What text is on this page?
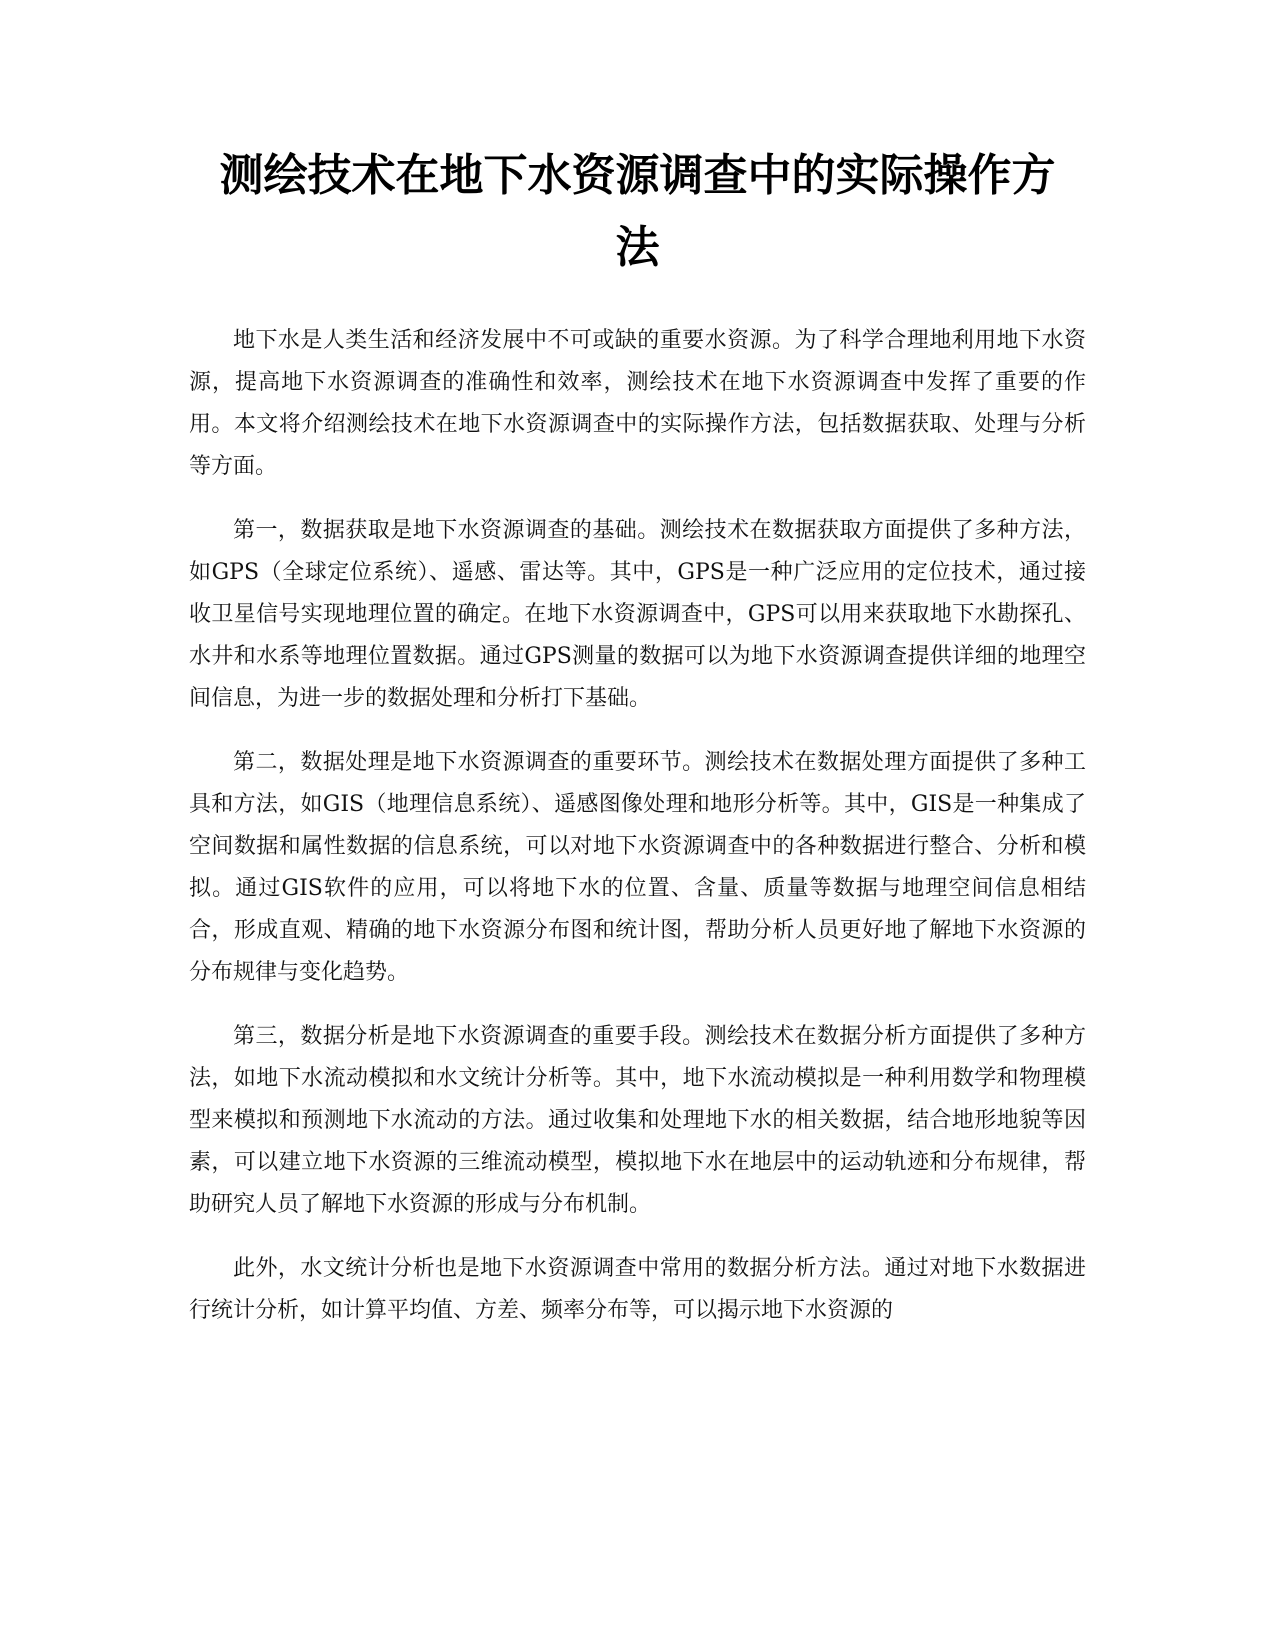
测绘技术在地下水资源调查中的实际操作方
法

地下水是人类生活和经济发展中不可或缺的重要水资源。为了科学合理地利用地下水资源，提高地下水资源调查的准确性和效率，测绘技术在地下水资源调查中发挥了重要的作用。本文将介绍测绘技术在地下水资源调查中的实际操作方法，包括数据获取、处理与分析等方面。

第一，数据获取是地下水资源调查的基础。测绘技术在数据获取方面提供了多种方法，如GPS（全球定位系统）、遥感、雷达等。其中，GPS是一种广泛应用的定位技术，通过接收卫星信号实现地理位置的确定。在地下水资源调查中，GPS可以用来获取地下水勘探孔、水井和水系等地理位置数据。通过GPS测量的数据可以为地下水资源调查提供详细的地理空间信息，为进一步的数据处理和分析打下基础。

第二，数据处理是地下水资源调查的重要环节。测绘技术在数据处理方面提供了多种工具和方法，如GIS（地理信息系统）、遥感图像处理和地形分析等。其中，GIS是一种集成了空间数据和属性数据的信息系统，可以对地下水资源调查中的各种数据进行整合、分析和模拟。通过GIS软件的应用，可以将地下水的位置、含量、质量等数据与地理空间信息相结合，形成直观、精确的地下水资源分布图和统计图，帮助分析人员更好地了解地下水资源的分布规律与变化趋势。

第三，数据分析是地下水资源调查的重要手段。测绘技术在数据分析方面提供了多种方法，如地下水流动模拟和水文统计分析等。其中，地下水流动模拟是一种利用数学和物理模型来模拟和预测地下水流动的方法。通过收集和处理地下水的相关数据，结合地形地貌等因素，可以建立地下水资源的三维流动模型，模拟地下水在地层中的运动轨迹和分布规律，帮助研究人员了解地下水资源的形成与分布机制。

此外，水文统计分析也是地下水资源调查中常用的数据分析方法。通过对地下水数据进行统计分析，如计算平均值、方差、频率分布等，可以揭示地下水资源的
